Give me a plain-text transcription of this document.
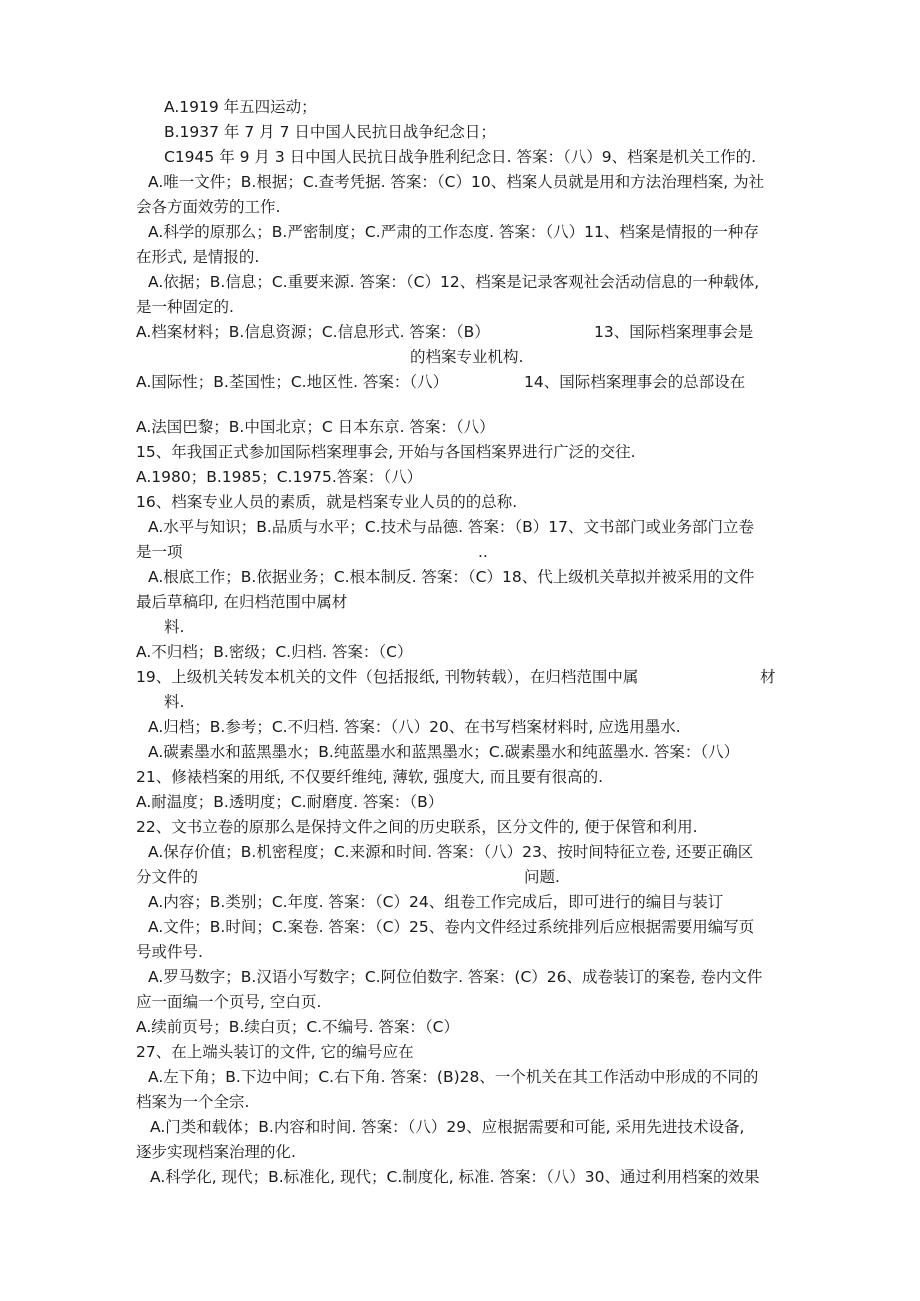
A.1919 年五四运动；
B.1937 年 7 月 7 日中国人民抗日战争纪念日；
C1945 年 9 月 3 日中国人民抗日战争胜利纪念日. 答案：（八）9、档案是机关工作的.
A.唯一文件；B.根据；C.查考凭据. 答案：（C）10、档案人员就是用和方法治理档案, 为社
会各方面效劳的工作.
A.科学的原那么；B.严密制度；C.严肃的工作态度. 答案：（八）11、档案是情报的一种存
在形式, 是情报的.
A.依据；B.信息；C.重要来源. 答案：（C）12、档案是记录客观社会活动信息的一种载体,
是一种固定的.
A.档案材料；B.信息资源；C.信息形式. 答案：（B）	13、国际档案理事会是
的档案专业机构.
A.国际性；B.荃国性；C.地区性. 答案：（八）	14、国际档案理事会的总部设在
A.法国巴黎；B.中国北京；C 日本东京. 答案：（八）
15、年我国正式参加国际档案理事会, 开始与各国档案界进行广泛的交往.
A.1980；B.1985；C.1975.答案：（八）
16、档案专业人员的素质，就是档案专业人员的的总称.
A.水平与知识；B.品质与水平；C.技术与品德. 答案：（B）17、文书部门或业务部门立卷
是一项	..
A.根底工作；B.依据业务；C.根本制反. 答案：（C）18、代上级机关草拟并被采用的文件
最后草稿印, 在归档范围中属材
料.
A.不归档；B.密级；C.归档. 答案：（C）
19、上级机关转发本机关的文件（包括报纸, 刊物转载），在归档范围中属	材
料.
A.归档；B.参考；C.不归档. 答案：（八）20、在书写档案材料时, 应选用墨水.
A.碳素墨水和蓝黑墨水；B.纯蓝墨水和蓝黑墨水；C.碳素墨水和纯蓝墨水. 答案：（八）
21、修裱档案的用纸, 不仅要纤维纯, 薄软, 强度大, 而且要有很高的.
A.耐温度；B.透明度；C.耐磨度. 答案：（B）
22、文书立卷的原那么是保持文件之间的历史联系，区分文件的, 便于保管和利用.
A.保存价值；B.机密程度；C.来源和时间. 答案：（八）23、按时间特征立卷, 还要正确区
分文件的	问题.
A.内容；B.类别；C.年度. 答案：（C）24、组卷工作完成后，即可进行的编目与装订
A.文件；B.时间；C.案卷. 答案：（C）25、卷内文件经过系统排列后应根据需要用编写页
号或件号.
A.罗马数字；B.汉语小写数字；C.阿位伯数字. 答案：(C）26、成卷装订的案卷, 卷内文件
应一面编一个页号, 空白页.
A.续前页号；B.续白页；C.不编号. 答案：（C）
27、在上端头装订的文件, 它的编号应在
A.左下角；B.下边中间；C.右下角. 答案：(B)28、一个机关在其工作活动中形成的不同的
档案为一个全宗.
A.门类和载体；B.内容和时间. 答案：（八）29、应根据需要和可能, 采用先进技术设备,
逐步实现档案治理的化.
A.科学化, 现代；B.标准化, 现代；C.制度化, 标准. 答案：（八）30、通过利用档案的效果
